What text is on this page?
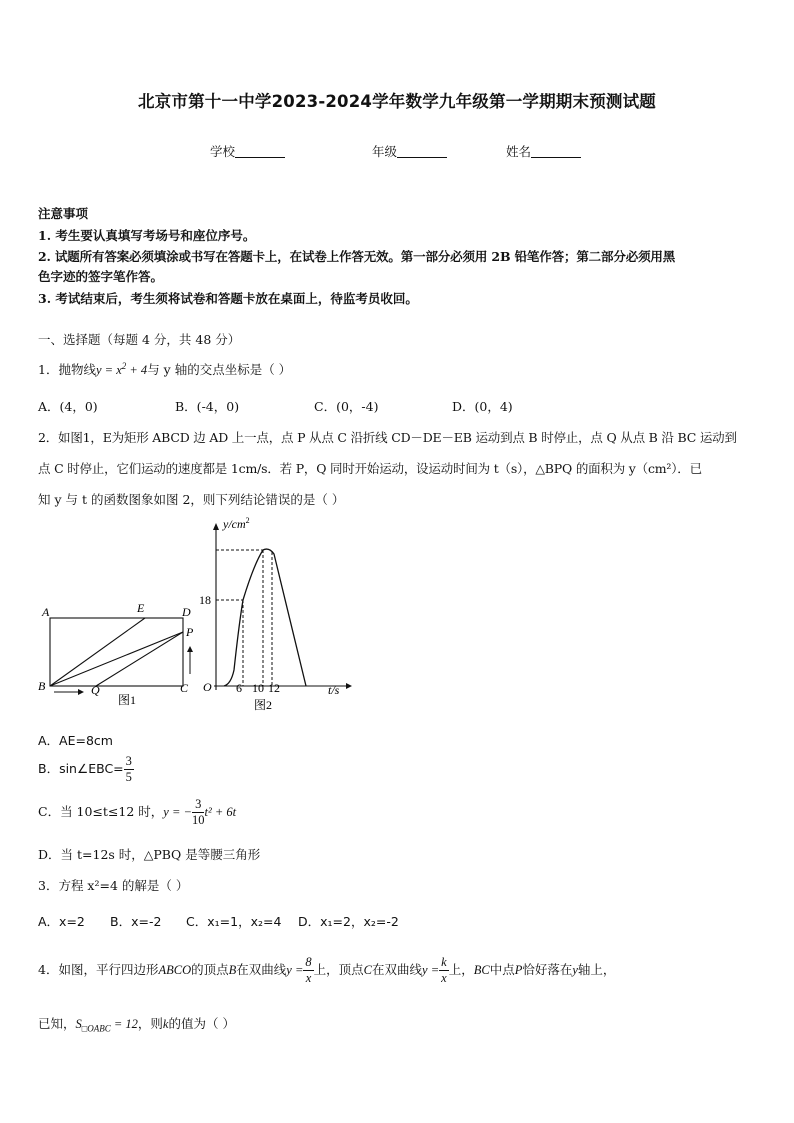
北京市第十一中学2023-2024学年数学九年级第一学期期末预测试题
学校	年级	姓名
注意事项
1. 考生要认真填写考场号和座位序号。
2. 试题所有答案必须填涂或书写在答题卡上，在试卷上作答无效。第一部分必须用 2B 铅笔作答；第二部分必须用黑
色字迹的签字笔作答。
3. 考试结束后，考生须将试卷和答题卡放在桌面上，待监考员收回。
一、选择题（每题 4 分，共 48 分）
1．抛物线$y = x^2 + 4$与 y 轴的交点坐标是（ ）
A．(4，0)	B．(-4，0)	C．(0，-4)	D．(0，4)
2．如图1，E为矩形 ABCD 边 AD 上一点，点 P 从点 C 沿折线 CD－DE－EB 运动到点 B 时停止，点 Q 从点 B 沿 BC 运动到
点 C 时停止，它们运动的速度都是 1cm/s．若 P，Q 同时开始运动，设运动时间为 t（s），△BPQ 的面积为 y（cm²）．已
知 y 与 t 的函数图象如图 2，则下列结论错误的是（ ）
A	E	D
P
B	Q	C
图1
$y/cm^2$
18
O 6 10 12	t/s
图2
A．AE=8cm
B．sin∠EBC= $\frac{3}{5}$
C．当 10≤t≤12 时，y = − $\frac{3}{10} t^2 + 6t$
D．当 t=12s 时，△PBQ 是等腰三角形
3．方程 x²=4 的解是（ ）
A．x=2 B．x=-2 C．x₁=1，x₂=4 D．x₁=2，x₂=-2
4．如图，平行四边形ABCO的顶点B在双曲线$y = \frac{8}{x}$ 上，顶点C在双曲线$y = \frac{k}{x}$ 上，BC中点P恰好落在y轴上，
已知，$S_{□OABC} = 12$，则k的值为（ ）
